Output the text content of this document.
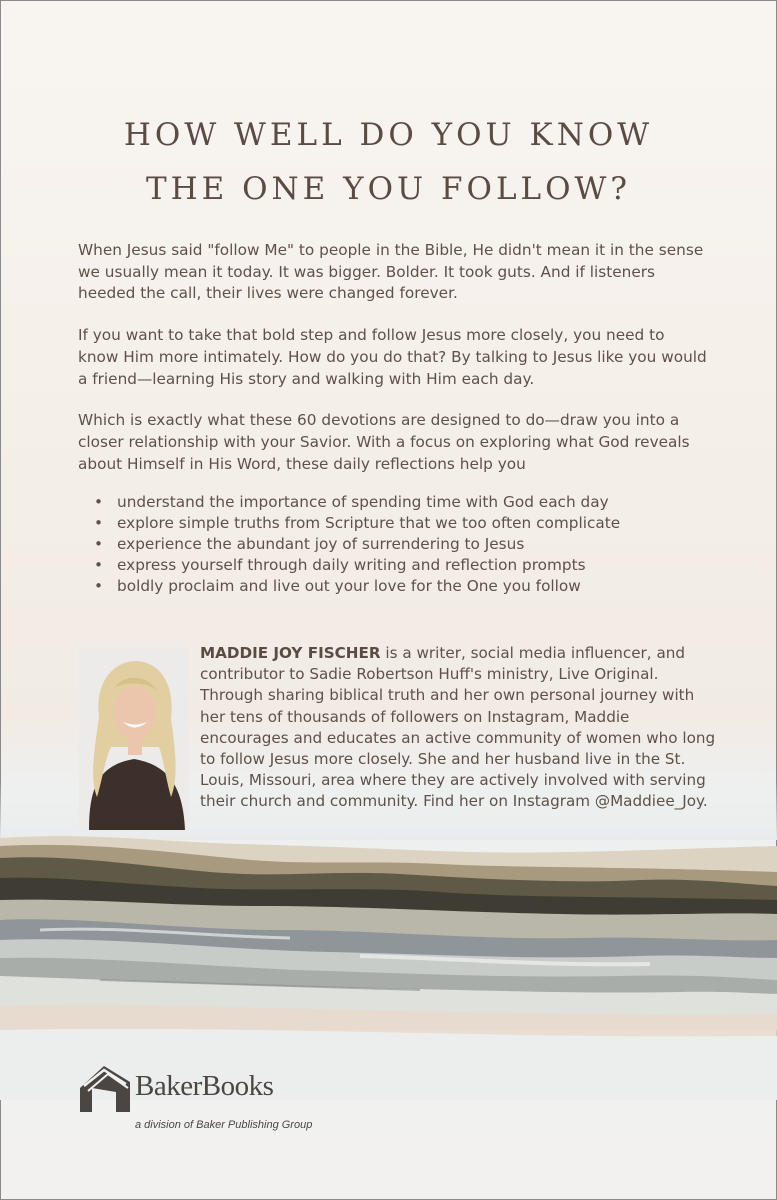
HOW WELL DO YOU KNOW
THE ONE YOU FOLLOW?

When Jesus said "follow Me" to people in the Bible, He didn't mean it in the sense we usually mean it today. It was bigger. Bolder. It took guts. And if listeners heeded the call, their lives were changed forever.

If you want to take that bold step and follow Jesus more closely, you need to know Him more intimately. How do you do that? By talking to Jesus like you would a friend—learning His story and walking with Him each day.

Which is exactly what these 60 devotions are designed to do—draw you into a closer relationship with your Savior. With a focus on exploring what God reveals about Himself in His Word, these daily reflections help you

• understand the importance of spending time with God each day
• explore simple truths from Scripture that we too often complicate
• experience the abundant joy of surrendering to Jesus
• express yourself through daily writing and reflection prompts
• boldly proclaim and live out your love for the One you follow
MADDIE JOY FISCHER is a writer, social media influencer, and contributor to Sadie Robertson Huff's ministry, Live Original. Through sharing biblical truth and her own personal journey with her tens of thousands of followers on Instagram, Maddie encourages and educates an active community of women who long to follow Jesus more closely. She and her husband live in the St. Louis, Missouri, area where they are actively involved with serving their church and community. Find her on Instagram @Maddiee_Joy.
BakerBooks
a division of Baker Publishing Group
